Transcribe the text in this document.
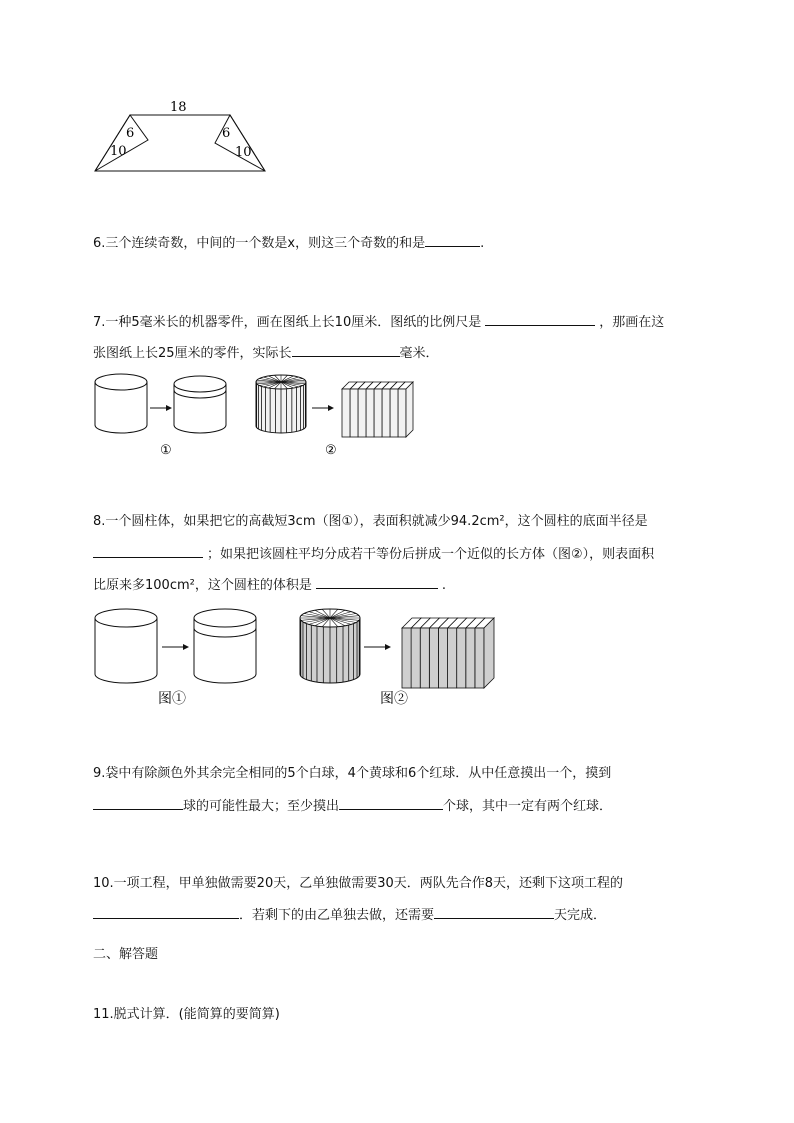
18
6
10
6
10
6.三个连续奇数，中间的一个数是x，则这三个奇数的和是	.
7.一种5毫米长的机器零件，画在图纸上长10厘米．图纸的比例尺是	，那画在这
张图纸上长25厘米的零件，实际长	毫米．
①	②
8.一个圆柱体，如果把它的高截短3cm（图①），表面积就减少94.2cm²，这个圆柱的底面半径是
；如果把该圆柱平均分成若干等份后拼成一个近似的长方体（图②），则表面积
比原来多100cm²，这个圆柱的体积是	.
图①	图②
9.袋中有除颜色外其余完全相同的5个白球，4个黄球和6个红球．从中任意摸出一个，摸到
球的可能性最大；至少摸出	个球，其中一定有两个红球．
10.一项工程，甲单独做需要20天，乙单独做需要30天．两队先合作8天，还剩下这项工程的
．若剩下的由乙单独去做，还需要	天完成．
二、解答题
11.脱式计算．(能简算的要简算)
